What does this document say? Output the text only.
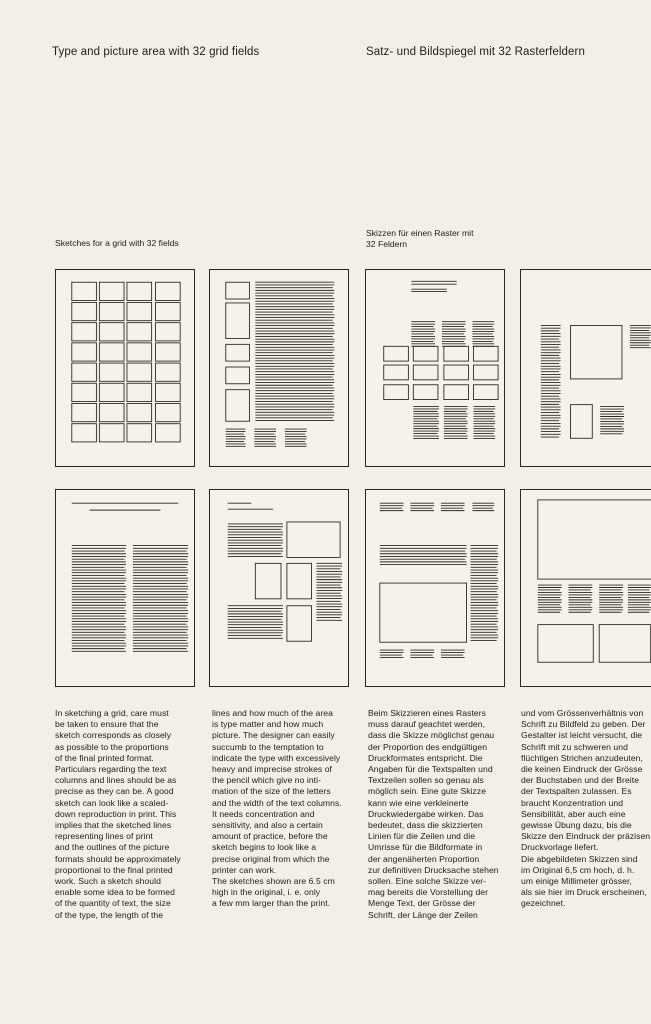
Type and picture area with 32 grid fields	Satz- und Bildspiegel mit 32 Rasterfeldern
Sketches for a grid with 32 fields
Skizzen für einen Raster mit
32 Feldern
In sketching a grid, care must
be taken to ensure that the
sketch corresponds as closely
as possible to the proportions
of the final printed format.
Particulars regarding the text
columns and lines should be as
precise as they can be. A good
sketch can look like a scaled-
down reproduction in print. This
implies that the sketched lines
representing lines of print
and the outlines of the picture
formats should be approximately
proportional to the final printed
work. Such a sketch should
enable some idea to be formed
of the quantity of text, the size
of the type, the length of the
lines and how much of the area
is type matter and how much
picture. The designer can easily
succumb to the temptation to
indicate the type with excessively
heavy and imprecise strokes of
the pencil which give no inti-
mation of the size of the letters
and the width of the text columns.
It needs concentration and
sensitivity, and also a certain
amount of practice, before the
sketch begins to look like a
precise original from which the
printer can work.
The sketches shown are 6.5 cm
high in the original, i. e. only
a few mm larger than the print.
Beim Skizzieren eines Rasters
muss darauf geachtet werden,
dass die Skizze möglichst genau
der Proportion des endgültigen
Druckformates entspricht. Die
Angaben für die Textspalten und
Textzeilen sollen so genau als
möglich sein. Eine gute Skizze
kann wie eine verkleinerte
Druckwiedergabe wirken. Das
bedeutet, dass die skizzierten
Linien für die Zeilen und die
Umrisse für die Bildformate in
der angenäherten Proportion
zur definitiven Drucksache stehen
sollen. Eine solche Skizze ver-
mag bereits die Vorstellung der
Menge Text, der Grösse der
Schrift, der Länge der Zeilen
und vom Grössenverhältnis von
Schrift zu Bildfeld zu geben. Der
Gestalter ist leicht versucht, die
Schrift mit zu schweren und
flüchtigen Strichen anzudeuten,
die keinen Eindruck der Grösse
der Buchstaben und der Breite
der Textspalten zulassen. Es
braucht Konzentration und
Sensibilität, aber auch eine
gewisse Übung dazu, bis die
Skizze den Eindruck der präzisen
Druckvorlage liefert.
Die abgebildeten Skizzen sind
im Original 6,5 cm hoch, d. h.
um einige Millimeter grösser,
als sie hier im Druck erscheinen,
gezeichnet.
